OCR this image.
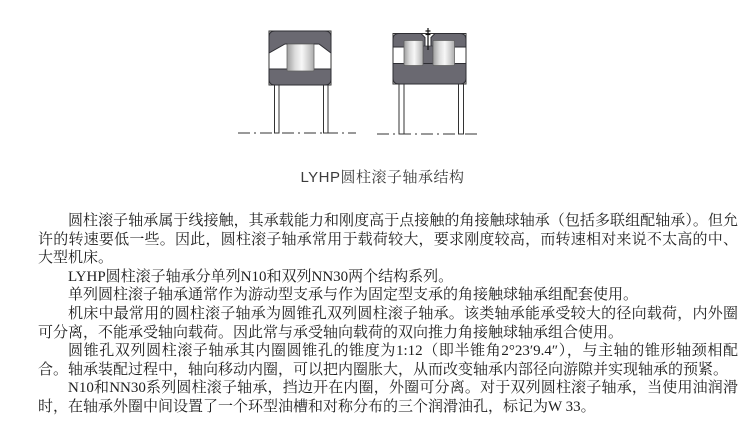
LYHP圆柱滚子轴承结构

圆柱滚子轴承属于线接触，其承载能力和刚度高于点接触的角接触球轴承（包括多联组配轴承）。但允许的转速要低一些。因此，圆柱滚子轴承常用于载荷较大，要求刚度较高，而转速相对来说不太高的中、大型机床。

LYHP圆柱滚子轴承分单列N10和双列NN30两个结构系列。

单列圆柱滚子轴承通常作为游动型支承与作为固定型支承的角接触球轴承组配套使用。

机床中最常用的圆柱滚子轴承为圆锥孔双列圆柱滚子轴承。该类轴承能承受较大的径向载荷，内外圈可分离，不能承受轴向载荷。因此常与承受轴向载荷的双向推力角接触球轴承组合使用。

圆锥孔双列圆柱滚子轴承其内圈圆锥孔的锥度为1:12（即半锥角2°23′9.4″），与主轴的锥形轴颈相配合。轴承装配过程中，轴向移动内圈，可以把内圈胀大，从而改变轴承内部径向游隙并实现轴承的预紧。

N10和NN30系列圆柱滚子轴承，挡边开在内圈，外圈可分离。对于双列圆柱滚子轴承，当使用油润滑时，在轴承外圈中间设置了一个环型油槽和对称分布的三个润滑油孔，标记为W 33。
